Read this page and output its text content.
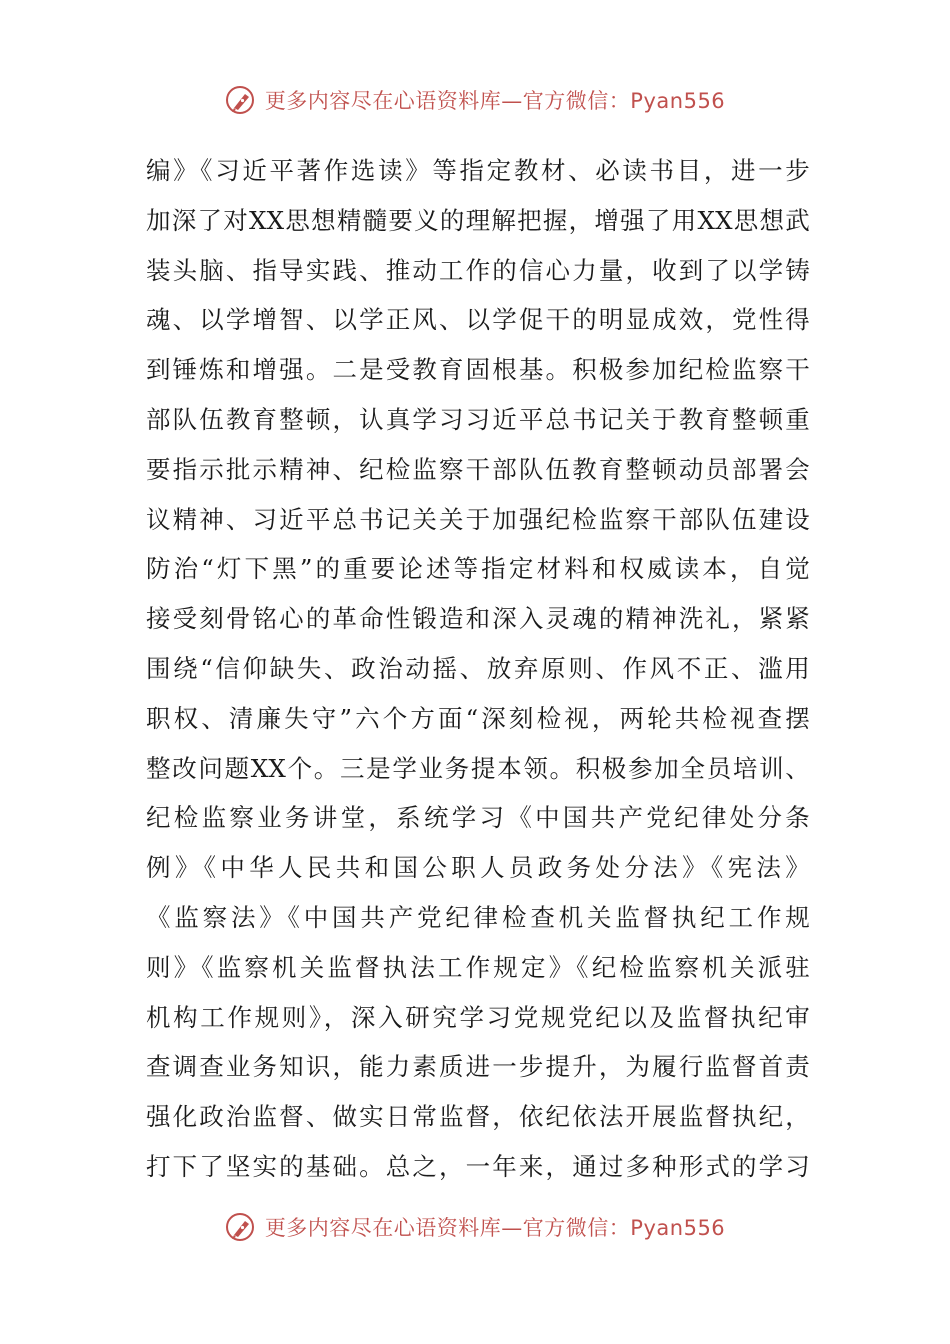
更多内容尽在心语资料库—官方微信：Pyan556
编》《习近平著作选读》等指定教材、必读书目，进一步
加深了对XX思想精髓要义的理解把握，增强了用XX思想武
装头脑、指导实践、推动工作的信心力量，收到了以学铸
魂、以学增智、以学正风、以学促干的明显成效，党性得
到锤炼和增强。二是受教育固根基。积极参加纪检监察干
部队伍教育整顿，认真学习习近平总书记关于教育整顿重
要指示批示精神、纪检监察干部队伍教育整顿动员部署会
议精神、习近平总书记关关于加强纪检监察干部队伍建设
防治“灯下黑”的重要论述等指定材料和权威读本，自觉
接受刻骨铭心的革命性锻造和深入灵魂的精神洗礼，紧紧
围绕“信仰缺失、政治动摇、放弃原则、作风不正、滥用
职权、清廉失守”六个方面“深刻检视，两轮共检视查摆
整改问题XX个。三是学业务提本领。积极参加全员培训、
纪检监察业务讲堂，系统学习《中国共产党纪律处分条
例》《中华人民共和国公职人员政务处分法》《宪法》
《监察法》《中国共产党纪律检查机关监督执纪工作规
则》《监察机关监督执法工作规定》《纪检监察机关派驻
机构工作规则》，深入研究学习党规党纪以及监督执纪审
查调查业务知识，能力素质进一步提升，为履行监督首责
强化政治监督、做实日常监督，依纪依法开展监督执纪，
打下了坚实的基础。总之，一年来，通过多种形式的学习
更多内容尽在心语资料库—官方微信：Pyan556
